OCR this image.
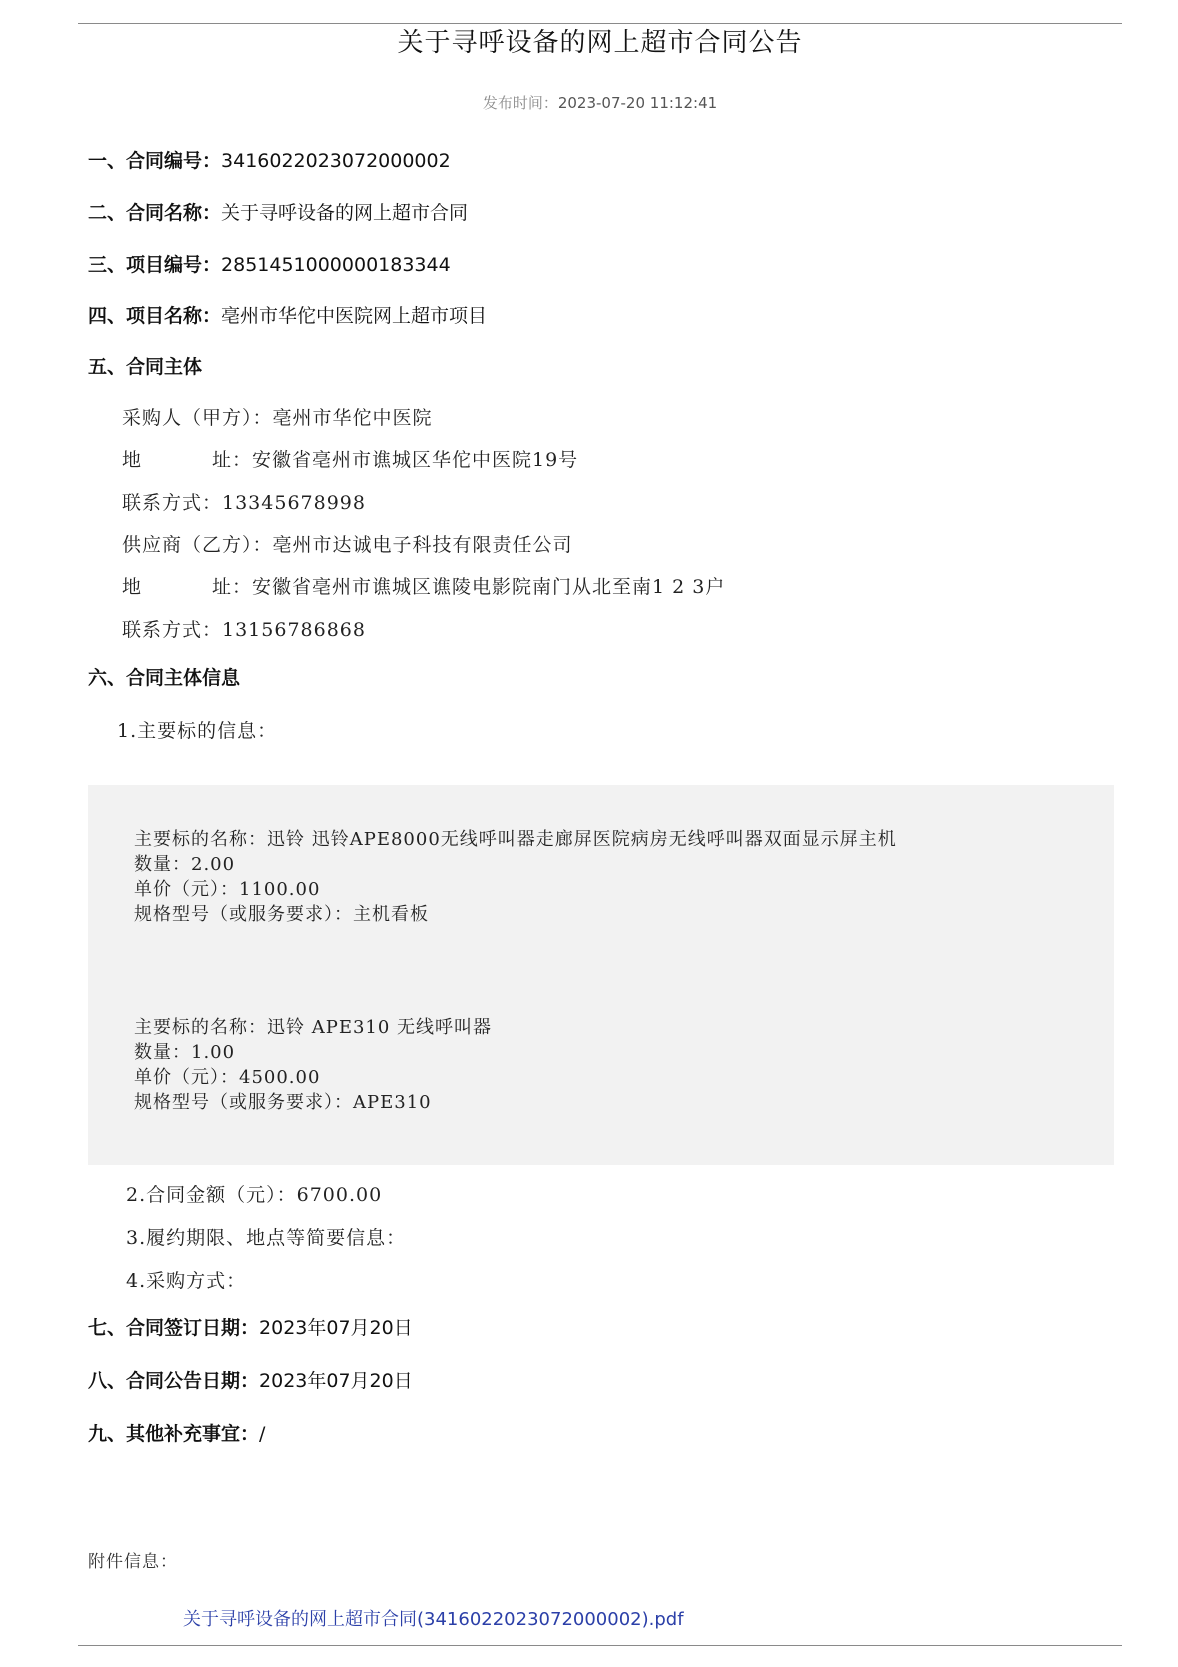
关于寻呼设备的网上超市合同公告
发布时间：2023-07-20 11:12:41
一、合同编号：3416022023072000002
二、合同名称：关于寻呼设备的网上超市合同
三、项目编号：2851451000000183344
四、项目名称：亳州市华佗中医院网上超市项目
五、合同主体
采购人（甲方）：亳州市华佗中医院
地	址：安徽省亳州市谯城区华佗中医院19号
联系方式：13345678998
供应商（乙方）：亳州市达诚电子科技有限责任公司
地	址：安徽省亳州市谯城区谯陵电影院南门从北至南1 2 3户
联系方式：13156786868
六、合同主体信息
1.主要标的信息：
主要标的名称：迅铃 迅铃APE8000无线呼叫器走廊屏医院病房无线呼叫器双面显示屏主机
数量：2.00
单价（元）：1100.00
规格型号（或服务要求）：主机看板
主要标的名称：迅铃 APE310 无线呼叫器
数量：1.00
单价（元）：4500.00
规格型号（或服务要求）：APE310
2.合同金额（元）：6700.00
3.履约期限、地点等简要信息：
4.采购方式：
七、合同签订日期：2023年07月20日
八、合同公告日期：2023年07月20日
九、其他补充事宜：/
附件信息：
关于寻呼设备的网上超市合同(3416022023072000002).pdf
